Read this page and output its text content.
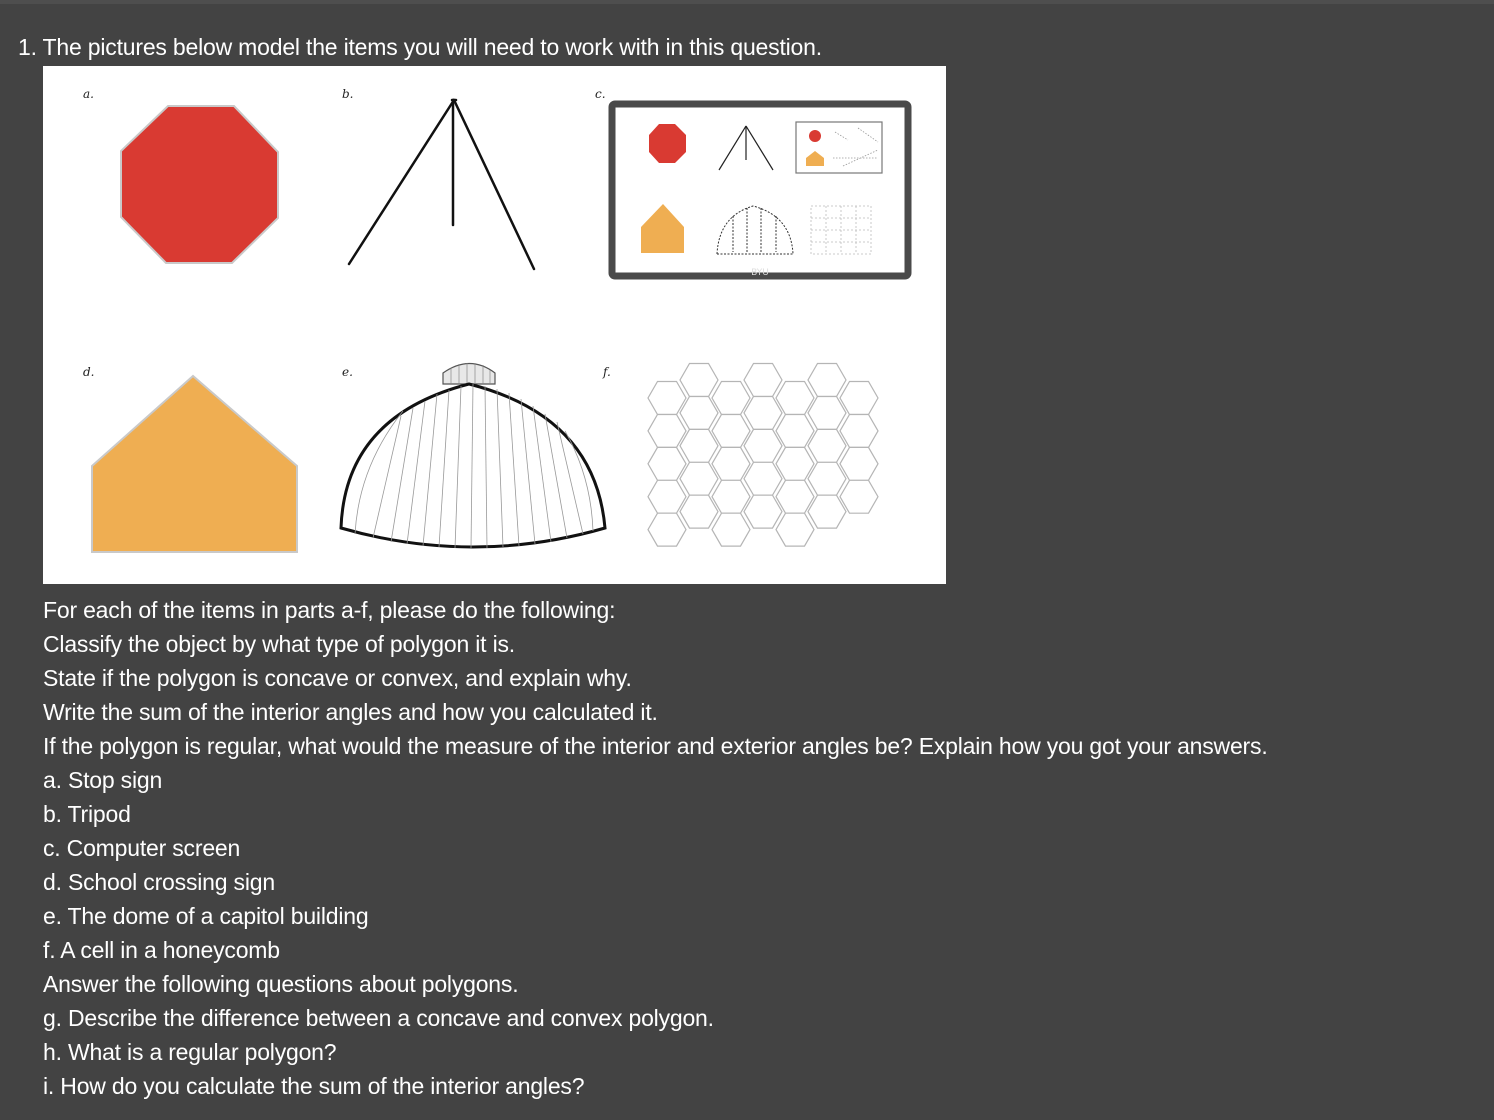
1. The pictures below model the items you will need to work with in this question.
a.	b.	c.
d.	e.	f.
BYU
For each of the items in parts a-f, please do the following:
Classify the object by what type of polygon it is.
State if the polygon is concave or convex, and explain why.
Write the sum of the interior angles and how you calculated it.
If the polygon is regular, what would the measure of the interior and exterior angles be? Explain how you got your answers.
a. Stop sign
b. Tripod
c. Computer screen
d. School crossing sign
e. The dome of a capitol building
f. A cell in a honeycomb
Answer the following questions about polygons.
g. Describe the difference between a concave and convex polygon.
h. What is a regular polygon?
i. How do you calculate the sum of the interior angles?
